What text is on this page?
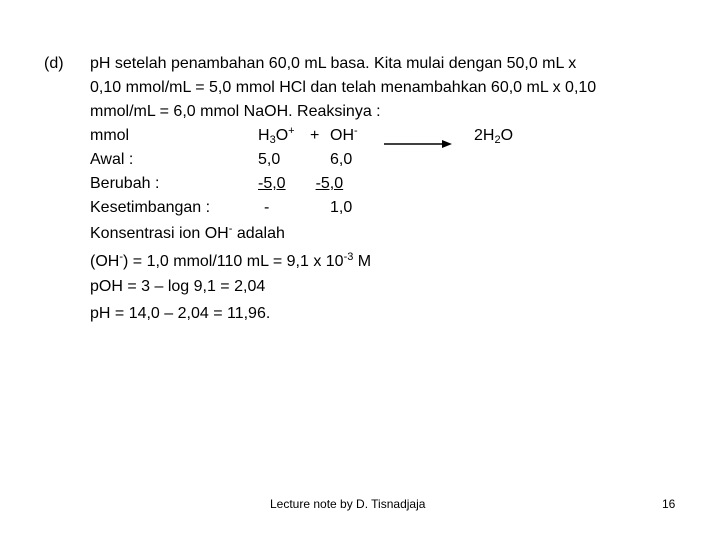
(d) pH setelah penambahan 60,0 mL basa. Kita mulai dengan 50,0 mL x
0,10 mmol/mL = 5,0 mmol HCl dan telah menambahkan 60,0 mL x 0,10
mmol/mL = 6,0 mmol NaOH. Reaksinya :
mmol	$H_3O^+ + OH^-$	$2H_2O$
Awal :	5,0	6,0
Berubah :	-5,0 -5,0
Kesetimbangan :	-	1,0
Konsentrasi ion OH- adalah
(OH-) = 1,0 mmol/110 mL = 9,1 x $10^{-3}$ M
pOH = 3 – log 9,1 = 2,04
pH = 14,0 – 2,04 = 11,96.
Lecture note by D. Tisnadjaja	16
